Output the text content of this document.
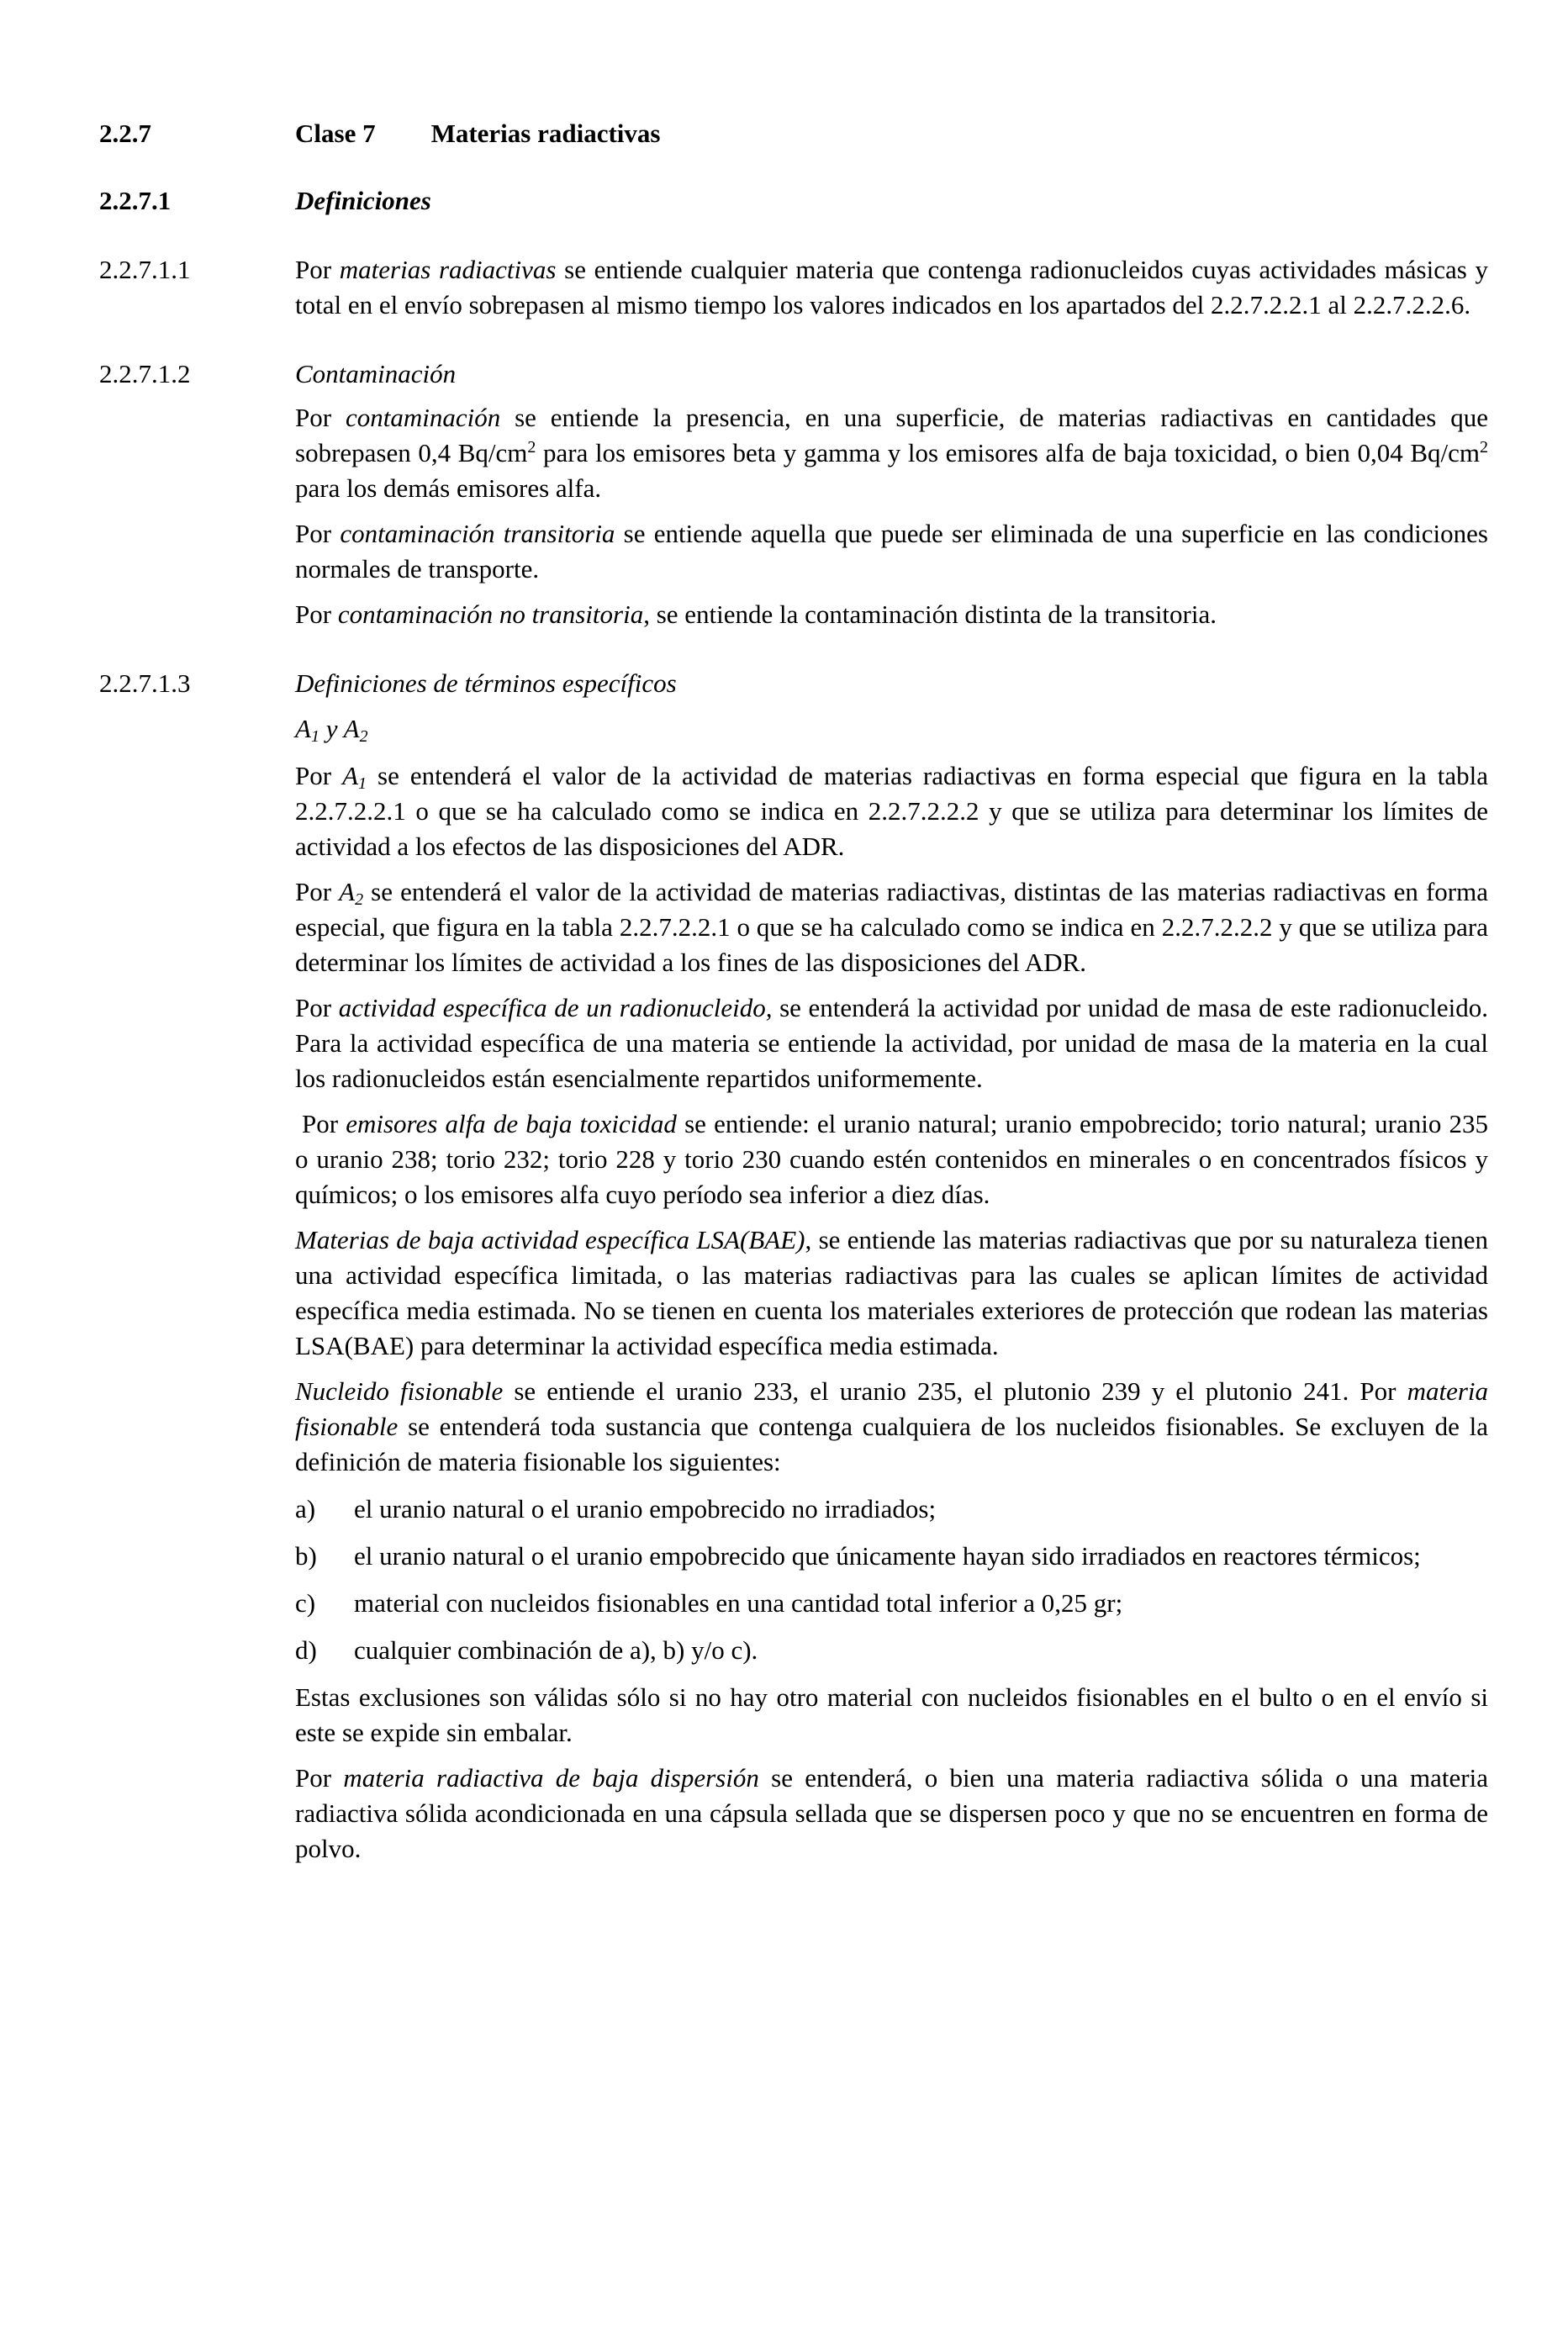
2.2.7	Clase 7 Materias radiactivas
2.2.7.1	Definiciones
2.2.7.1.1	Por materias radiactivas se entiende cualquier materia que contenga radionucleidos cuyas actividades másicas y total en el envío sobrepasen al mismo tiempo los valores indicados en los apartados del 2.2.7.2.2.1 al 2.2.7.2.2.6.

2.2.7.1.2	Contaminación

Por contaminación se entiende la presencia, en una superficie, de materias radiactivas en cantidades que sobrepasen 0,4 $Bq/cm^2$ para los emisores beta y gamma y los emisores alfa de baja toxicidad, o bien 0,04 $Bq/cm^2$ para los demás emisores alfa.

Por contaminación transitoria se entiende aquella que puede ser eliminada de una superficie en las condiciones normales de transporte.

Por contaminación no transitoria, se entiende la contaminación distinta de la transitoria.

2.2.7.1.3	Definiciones de términos específicos

$A_1$ y $A_2$

Por $A_1$ se entenderá el valor de la actividad de materias radiactivas en forma especial que figura en la tabla 2.2.7.2.2.1 o que se ha calculado como se indica en 2.2.7.2.2.2 y que se utiliza para determinar los límites de actividad a los efectos de las disposiciones del ADR.

Por $A_2$ se entenderá el valor de la actividad de materias radiactivas, distintas de las materias radiactivas en forma especial, que figura en la tabla 2.2.7.2.2.1 o que se ha calculado como se indica en 2.2.7.2.2.2 y que se utiliza para determinar los límites de actividad a los fines de las disposiciones del ADR.

Por actividad específica de un radionucleido, se entenderá la actividad por unidad de masa de este radionucleido. Para la actividad específica de una materia se entiende la actividad, por unidad de masa de la materia en la cual los radionucleidos están esencialmente repartidos uniformemente.

Por emisores alfa de baja toxicidad se entiende: el uranio natural; uranio empobrecido; torio natural; uranio 235 o uranio 238; torio 232; torio 228 y torio 230 cuando estén contenidos en minerales o en concentrados físicos y químicos; o los emisores alfa cuyo período sea inferior a diez días.

Materias de baja actividad específica LSA(BAE), se entiende las materias radiactivas que por su naturaleza tienen una actividad específica limitada, o las materias radiactivas para las cuales se aplican límites de actividad específica media estimada. No se tienen en cuenta los materiales exteriores de protección que rodean las materias LSA(BAE) para determinar la actividad específica media estimada.

Nucleido fisionable se entiende el uranio 233, el uranio 235, el plutonio 239 y el plutonio 241. Por materia fisionable se entenderá toda sustancia que contenga cualquiera de los nucleidos fisionables. Se excluyen de la definición de materia fisionable los siguientes:

a) el uranio natural o el uranio empobrecido no irradiados;
b) el uranio natural o el uranio empobrecido que únicamente hayan sido irradiados en reactores térmicos;
c) material con nucleidos fisionables en una cantidad total inferior a 0,25 gr;
d) cualquier combinación de a), b) y/o c).

Estas exclusiones son válidas sólo si no hay otro material con nucleidos fisionables en el bulto o en el envío si este se expide sin embalar.

Por materia radiactiva de baja dispersión se entenderá, o bien una materia radiactiva sólida o una materia radiactiva sólida acondicionada en una cápsula sellada que se dispersen poco y que no se encuentren en forma de polvo.
